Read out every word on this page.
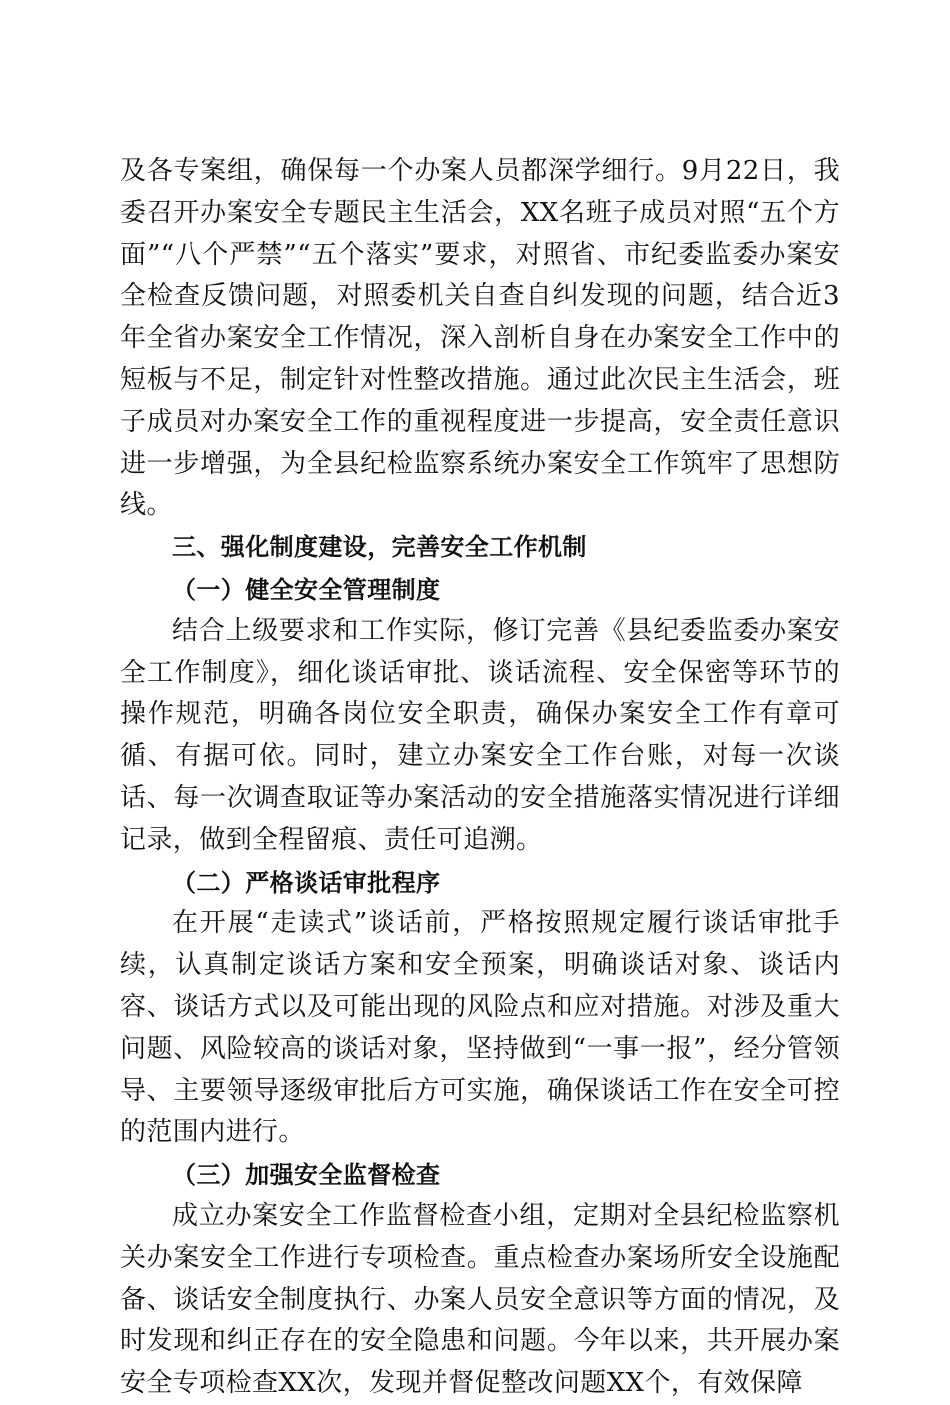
及各专案组，确保每一个办案人员都深学细行。9月22日，我委召开办案安全专题民主生活会，XX名班子成员对照“五个方面”“八个严禁”“五个落实”要求，对照省、市纪委监委办案安全检查反馈问题，对照委机关自查自纠发现的问题，结合近3年全省办案安全工作情况，深入剖析自身在办案安全工作中的短板与不足，制定针对性整改措施。通过此次民主生活会，班子成员对办案安全工作的重视程度进一步提高，安全责任意识进一步增强，为全县纪检监察系统办案安全工作筑牢了思想防线。

三、强化制度建设，完善安全工作机制
（一）健全安全管理制度

结合上级要求和工作实际，修订完善《县纪委监委办案安全工作制度》，细化谈话审批、谈话流程、安全保密等环节的操作规范，明确各岗位安全职责，确保办案安全工作有章可循、有据可依。同时，建立办案安全工作台账，对每一次谈话、每一次调查取证等办案活动的安全措施落实情况进行详细记录，做到全程留痕、责任可追溯。

（二）严格谈话审批程序

在开展“走读式”谈话前，严格按照规定履行谈话审批手续，认真制定谈话方案和安全预案，明确谈话对象、谈话内容、谈话方式以及可能出现的风险点和应对措施。对涉及重大问题、风险较高的谈话对象，坚持做到“一事一报”，经分管领导、主要领导逐级审批后方可实施，确保谈话工作在安全可控的范围内进行。

（三）加强安全监督检查

成立办案安全工作监督检查小组，定期对全县纪检监察机关办案安全工作进行专项检查。重点检查办案场所安全设施配备、谈话安全制度执行、办案人员安全意识等方面的情况，及时发现和纠正存在的安全隐患和问题。今年以来，共开展办案安全专项检查XX次，发现并督促整改问题XX个，有效保障
